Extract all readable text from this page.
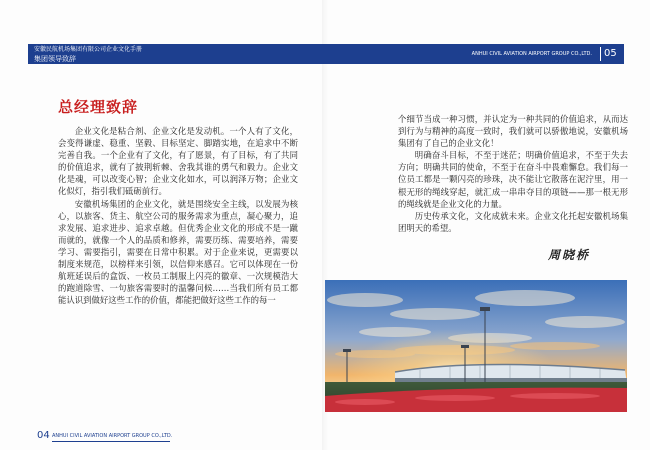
安徽民航机场集团有限公司企业文化手册
集团领导致辞
ANHUI CIVIL AVIATION AIRPORT GROUP CO.,LTD. 05
总经理致辞

企业文化是粘合剂、企业文化是发动机。一个人有了文化，会变得谦虚、稳重、坚毅、目标坚定、脚踏实地，在追求中不断完善自我。一个企业有了文化，有了愿景，有了目标，有了共同的价值追求，就有了披荆斩棘、舍我其谁的勇气和毅力。企业文化是魂，可以改变心智；企业文化如水，可以润泽万物；企业文化似灯，指引我们砥砺前行。

安徽机场集团的企业文化，就是围绕安全主线，以发展为核心，以旅客、货主、航空公司的服务需求为重点，凝心聚力，追求发展、追求进步、追求卓越。但优秀企业文化的形成不是一蹴而就的，就像一个人的品质和修养，需要历练、需要培养，需要学习、需要指引，需要在日常中积累。对于企业来说，更需要以制度来规范，以榜样来引领，以信仰来感召。它可以体现在一份航班延误后的盒饭、一枚员工制服上闪亮的徽章、一次规模浩大的跑道除雪、一句旅客需要时的温馨问候……当我们所有员工都能认识到做好这些工作的价值，都能把做好这些工作的每一

个细节当成一种习惯，并认定为一种共同的价值追求，从而达到行为与精神的高度一致时，我们就可以骄傲地说，安徽机场集团有了自己的企业文化！

明确奋斗目标，不至于迷茫；明确价值追求，不至于失去方向；明确共同的使命，不至于在奋斗中畏难懈怠。我们每一位员工都是一颗闪亮的珍珠，决不能让它散落在泥泞里，用一根无形的绳线穿起，就汇成一串串夺目的项链——那一根无形的绳线就是企业文化的力量。

历史传承文化，文化成就未来。企业文化托起安徽机场集团明天的希望。

周晓桥
04 ANHUI CIVIL AVIATION AIRPORT GROUP CO.,LTD.
